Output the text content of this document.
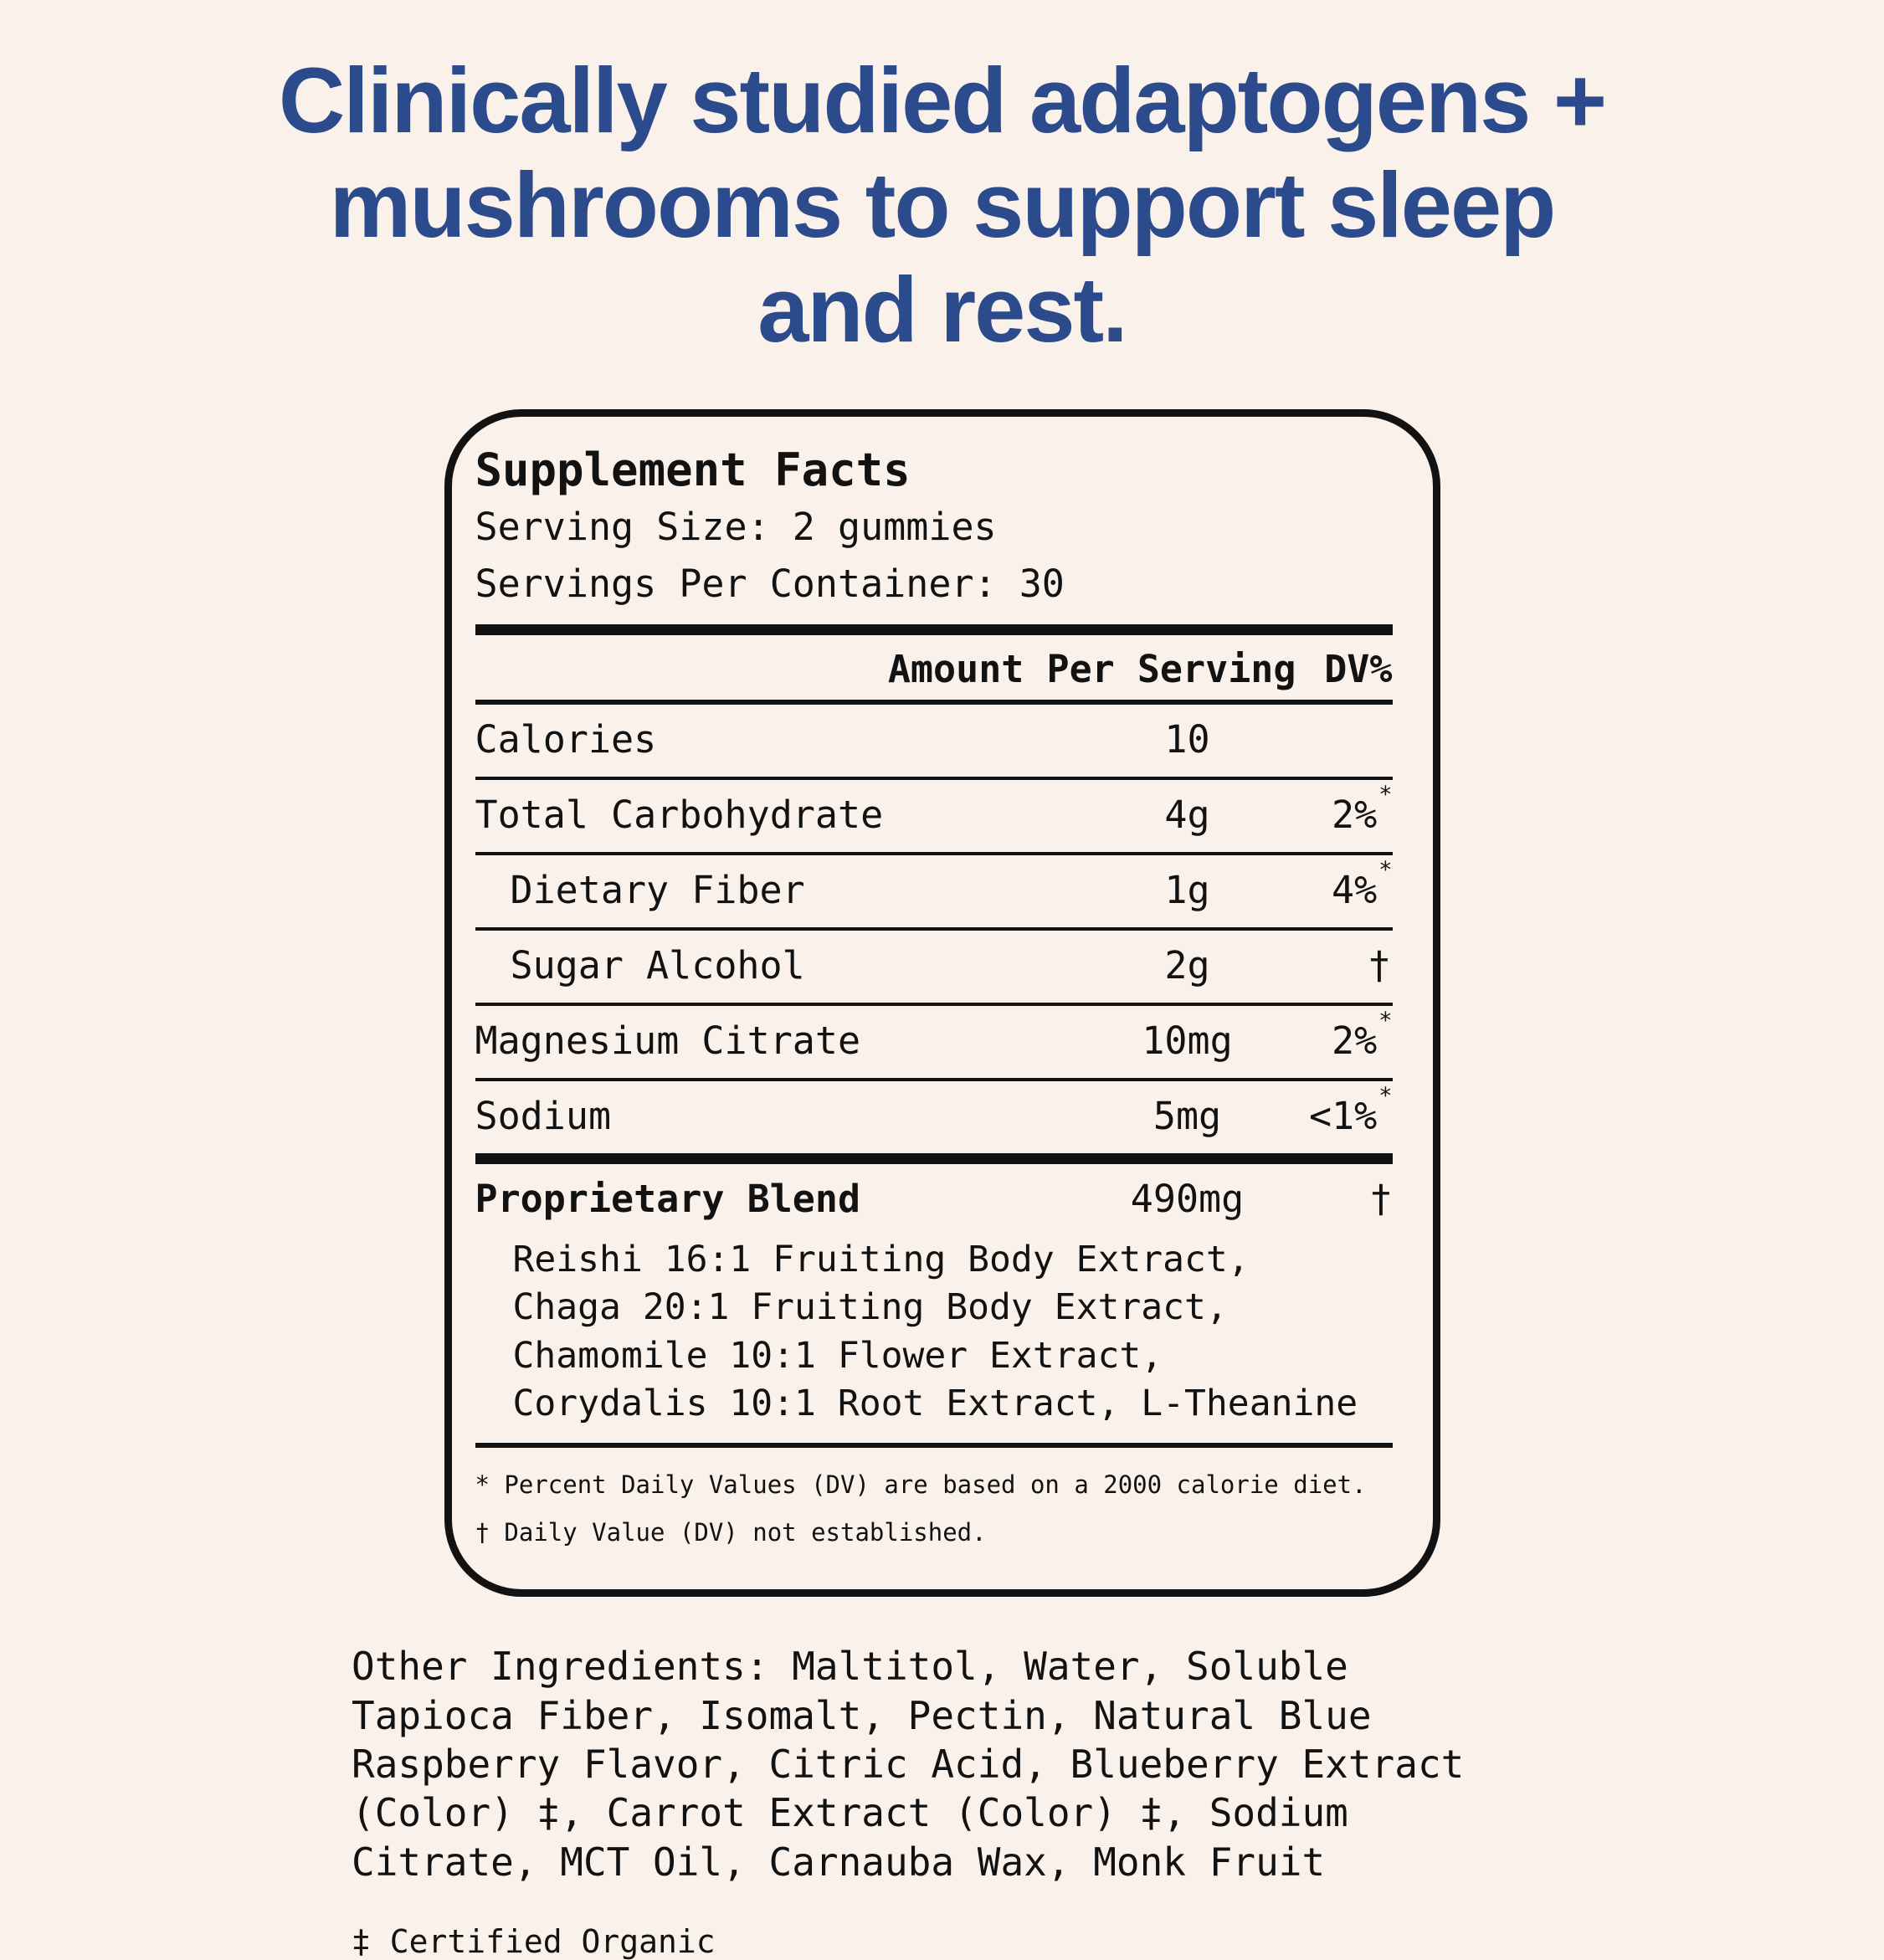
Clinically studied adaptogens +
mushrooms to support sleep
and rest.
Supplement Facts
Serving Size: 2 gummies
Servings Per Container: 30
Amount Per Serving DV%
Calories	10
Total Carbohydrate	4g	2%*
Dietary Fiber	1g	4%*
Sugar Alcohol	2g	†
Magnesium Citrate	10mg	2%*
Sodium	5mg	<1%*
Proprietary Blend	490mg	†
Reishi 16:1 Fruiting Body Extract,
Chaga 20:1 Fruiting Body Extract,
Chamomile 10:1 Flower Extract,
Corydalis 10:1 Root Extract, L-Theanine
* Percent Daily Values (DV) are based on a 2000 calorie diet.
† Daily Value (DV) not established.
Other Ingredients: Maltitol, Water, Soluble
Tapioca Fiber, Isomalt, Pectin, Natural Blue
Raspberry Flavor, Citric Acid, Blueberry Extract
(Color) ‡, Carrot Extract (Color) ‡, Sodium
Citrate, MCT Oil, Carnauba Wax, Monk Fruit
‡ Certified Organic
